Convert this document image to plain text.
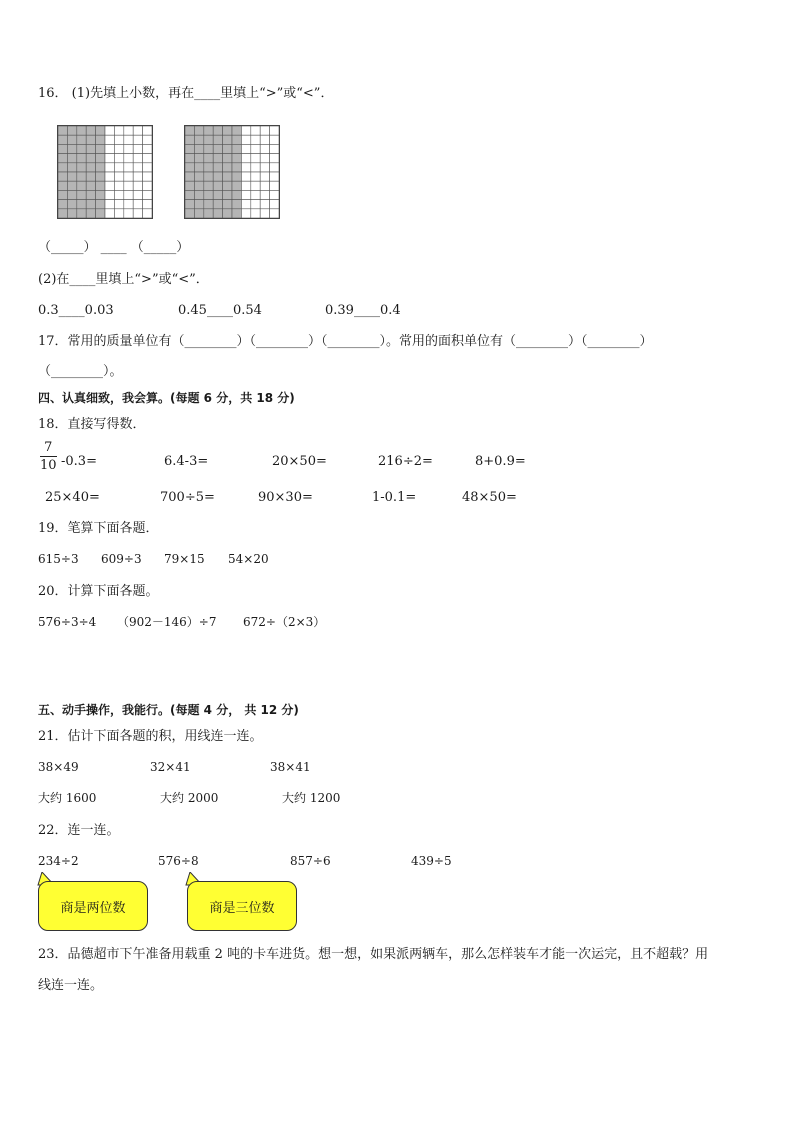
16． (1)先填上小数，再在____里填上“>”或“<”．
（_____） ____ （_____）
(2)在____里填上“>”或“<”．
0.3____0.03	0.45____0.54	0.39____0.4
17．常用的质量单位有（________）（________）（________）。常用的面积单位有（________）（________）
（________）。
四、认真细致，我会算。(每题 6 分，共 18 分)
18．直接写得数．
$\frac{7}{10} -0.3=$	6.4-3=	20×50=	216÷2=	8+0.9=
25×40=	700÷5=	90×30=	1-0.1=	48×50=
19．笔算下面各题．
615÷3 609÷3 79×15 54×20
20．计算下面各题。
576÷3÷4 （902－146）÷7 672÷（2×3）
五、动手操作，我能行。(每题 4 分， 共 12 分)
21．估计下面各题的积，用线连一连。
38×49	32×41	38×41
大约 1600	大约 2000	大约 1200
22．连一连。
234÷2	576÷8	857÷6	439÷5
商是两位数	商是三位数
23．品德超市下午准备用载重 2 吨的卡车进货。想一想，如果派两辆车，那么怎样装车才能一次运完，且不超载？用
线连一连。
